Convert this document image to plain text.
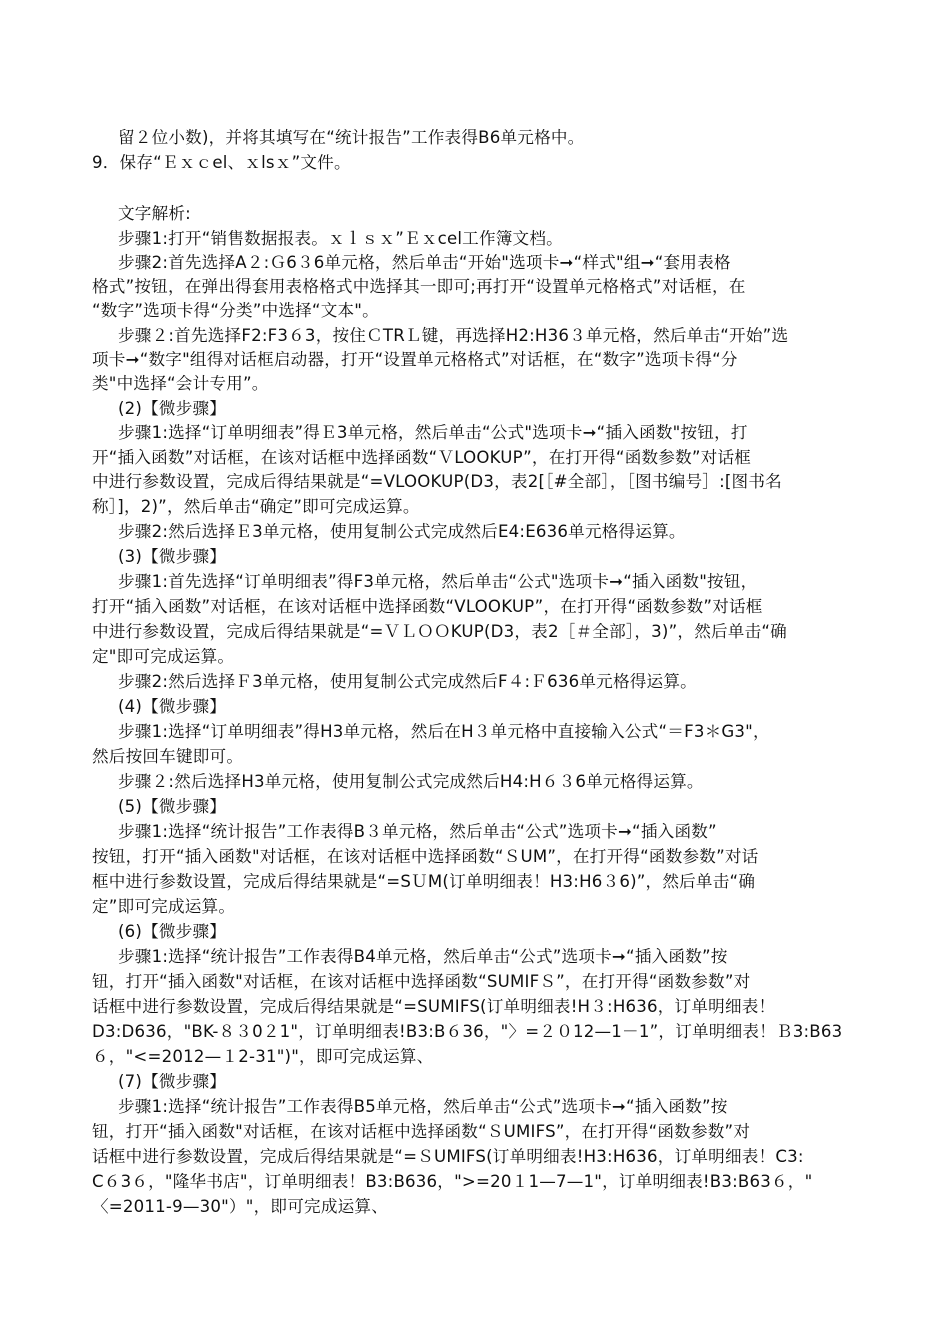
留２位小数)，并将其填写在“统计报告”工作表得B6单元格中。
9．保存“Ｅｘｃel、ｘlsｘ”文件。
文字解析:
步骤1:打开“销售数据报表。ｘｌｓｘ”Ｅｘcel工作簿文档。
步骤2:首先选择A２:Ｇ6３6单元格，然后单击“开始"选项卡➞“样式"组➞“套用表格
格式”按钮，在弹出得套用表格格式中选择其一即可;再打开“设置单元格格式”对话框，在
“数字”选项卡得“分类”中选择“文本"。
步骤２:首先选择F2:F3６3，按住ＣTRＬ键，再选择H2:H36３单元格，然后单击“开始”选
项卡➞“数字"组得对话框启动器，打开“设置单元格格式”对话框，在“数字”选项卡得“分
类"中选择“会计专用”。
(2)【微步骤】
步骤1:选择“订单明细表”得Ｅ3单元格，然后单击“公式"选项卡➞“插入函数"按钮，打
开“插入函数”对话框，在该对话框中选择函数“ＶLOOKUP”，在打开得“函数参数”对话框
中进行参数设置，完成后得结果就是“=VLOOKUP(D3，表2[［#全部］，［图书编号］:[图书名
称］]，2)”，然后单击“确定”即可完成运算。
步骤2:然后选择Ｅ3单元格，使用复制公式完成然后E4:E636单元格得运算。
(3)【微步骤】
步骤1:首先选择“订单明细表”得F3单元格，然后单击“公式"选项卡➞“插入函数"按钮，
打开“插入函数”对话框，在该对话框中选择函数“VLOOKUP”，在打开得“函数参数”对话框
中进行参数设置，完成后得结果就是“=ＶＬＯＯKUP(D3，表2［＃全部］，3)”，然后单击“确
定"即可完成运算。
步骤2:然后选择Ｆ3单元格，使用复制公式完成然后F４:Ｆ636单元格得运算。
(4)【微步骤】
步骤1:选择“订单明细表”得H3单元格，然后在H３单元格中直接输入公式“＝F3＊G3"，
然后按回车键即可。
步骤２:然后选择H3单元格，使用复制公式完成然后H4:H６３6单元格得运算。
(5)【微步骤】
步骤1:选择“统计报告”工作表得B３单元格，然后单击“公式”选项卡➞“插入函数”
按钮，打开“插入函数"对话框，在该对话框中选择函数“ＳUM”，在打开得“函数参数”对话
框中进行参数设置，完成后得结果就是“=SＵM(订单明细表！H3:H6３6)”，然后单击“确
定”即可完成运算。
(6)【微步骤】
步骤1:选择“统计报告”工作表得B4单元格，然后单击“公式”选项卡➞“插入函数”按
钮，打开“插入函数"对话框，在该对话框中选择函数“SUMIFＳ”，在打开得“函数参数”对
话框中进行参数设置，完成后得结果就是“=SUMIFS(订单明细表!H３:H636，订单明细表！
D3:D636，"BK-８３0２1"，订单明细表!B3:B６36，"〉=２０12—1－1”，订单明细表！Ｂ3:B63
６，"<=2012—１2-31")"，即可完成运算、
(7)【微步骤】
步骤1:选择“统计报告”工作表得B5单元格，然后单击“公式”选项卡➞“插入函数”按
钮，打开“插入函数"对话框，在该对话框中选择函数“ＳUMIFS”，在打开得“函数参数”对
话框中进行参数设置，完成后得结果就是“=ＳUMIFS(订单明细表!H3:H636，订单明细表！C3:
C６3６，"隆华书店"，订单明细表！B3:B636，">=20１1—7—1"，订单明细表!B3:B63６，"
〈=2011-9—30"）"，即可完成运算、
